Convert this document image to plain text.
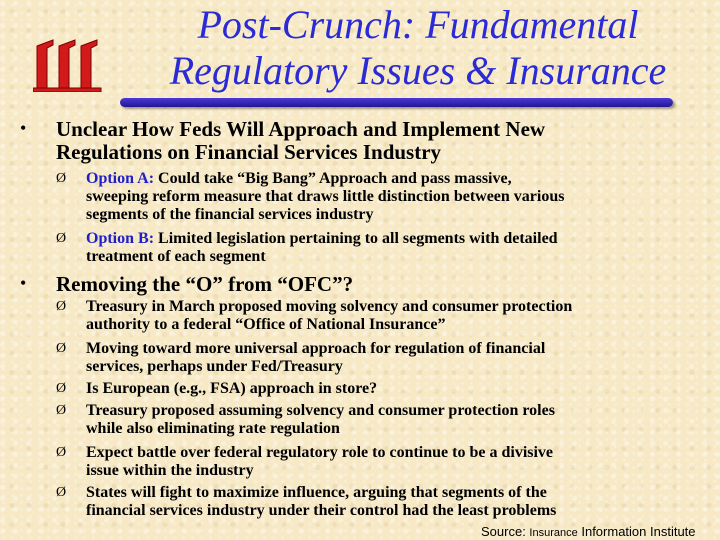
Post-Crunch: Fundamental
Regulatory Issues & Insurance
• Unclear How Feds Will Approach and Implement New
Regulations on Financial Services Industry
Ø Option A: Could take “Big Bang” Approach and pass massive,
sweeping reform measure that draws little distinction between various
segments of the financial services industry
Ø Option B: Limited legislation pertaining to all segments with detailed
treatment of each segment
• Removing the “O” from “OFC”?
Ø Treasury in March proposed moving solvency and consumer protection
authority to a federal “Office of National Insurance”
Ø Moving toward more universal approach for regulation of financial
services, perhaps under Fed/Treasury
Ø Is European (e.g., FSA) approach in store?
Ø Treasury proposed assuming solvency and consumer protection roles
while also eliminating rate regulation
Ø Expect battle over federal regulatory role to continue to be a divisive
issue within the industry
Ø States will fight to maximize influence, arguing that segments of the
financial services industry under their control had the least problems
Source: Insurance Information Institute
